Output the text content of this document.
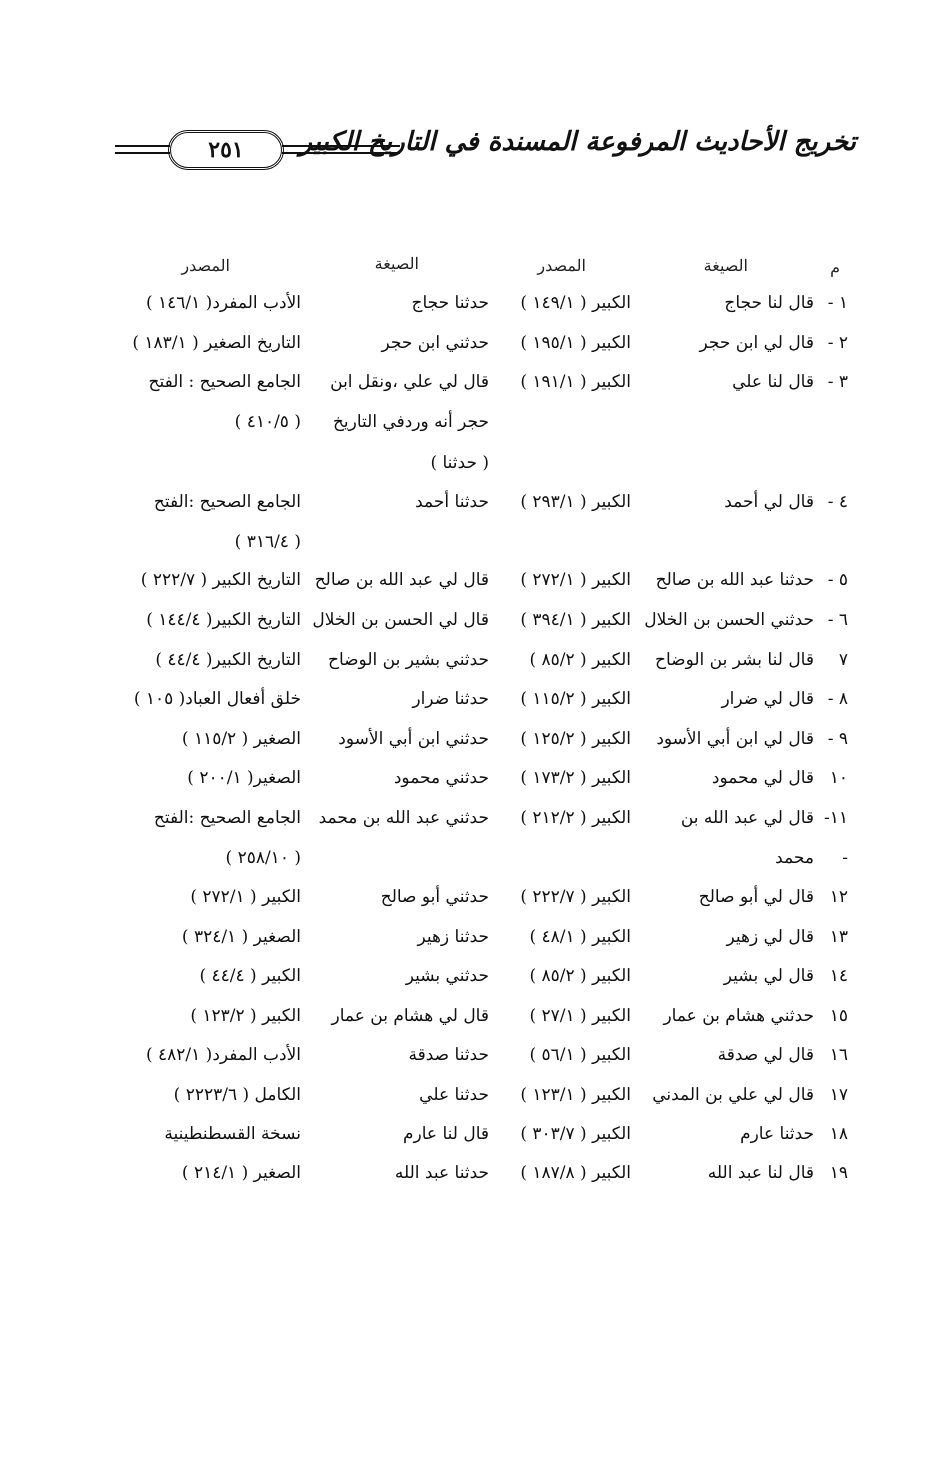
تخريج الأحاديث المرفوعة المسندة في التاريخ الكبير
٢٥١
م
الصيغة
المصدر
الصيغة
المصدر
١ -
قال لنا حجاج
الكبير ( ١٤٩/١ )
حدثنا حجاج
الأدب المفرد( ١٤٦/١ )
٢ -
قال لي ابن حجر
الكبير ( ١٩٥/١ )
حدثني ابن حجر
التاريخ الصغير ( ١٨٣/١ )
٣ -
قال لنا علي
الكبير ( ١٩١/١ )
قال لي علي ،ونقل ابن
حجر أنه وردفي التاريخ
( حدثنا )
الجامع الصحيح : الفتح
( ٤١٠/٥ )
٤ -
قال لي أحمد
الكبير ( ٢٩٣/١ )
حدثنا أحمد
الجامع الصحيح :الفتح
( ٣١٦/٤ )
٥ -
حدثنا عبد الله بن صالح
الكبير ( ٢٧٢/١ )
قال لي عبد الله بن صالح
التاريخ الكبير ( ٢٢٢/٧ )
٦ -
حدثني الحسن بن الخلال
الكبير ( ٣٩٤/١ )
قال لي الحسن بن الخلال
التاريخ الكبير( ١٤٤/٤ )
٧
قال لنا بشر بن الوضاح
الكبير ( ٨٥/٢ )
حدثني بشير بن الوضاح
التاريخ الكبير( ٤٤/٤ )
٨ -
قال لي ضرار
الكبير ( ١١٥/٢ )
حدثنا ضرار
خلق أفعال العباد( ١٠٥ )
٩ -
قال لي ابن أبي الأسود
الكبير ( ١٢٥/٢ )
حدثني ابن أبي الأسود
الصغير ( ١١٥/٢ )
١٠
قال لي محمود
الكبير ( ١٧٣/٢ )
حدثني محمود
الصغير( ٢٠٠/١ )
١١-
-
قال لي عبد الله بن
محمد
الكبير ( ٢١٢/٢ )
حدثني عبد الله بن محمد
الجامع الصحيح :الفتح
( ٢٥٨/١٠ )
١٢
قال لي أبو صالح
الكبير ( ٢٢٢/٧ )
حدثني أبو صالح
الكبير ( ٢٧٢/١ )
١٣
قال لي زهير
الكبير ( ٤٨/١ )
حدثنا زهير
الصغير ( ٣٢٤/١ )
١٤
قال لي بشير
الكبير ( ٨٥/٢ )
حدثني بشير
الكبير ( ٤٤/٤ )
١٥
حدثني هشام بن عمار
الكبير ( ٢٧/١ )
قال لي هشام بن عمار
الكبير ( ١٢٣/٢ )
١٦
قال لي صدقة
الكبير ( ٥٦/١ )
حدثنا صدقة
الأدب المفرد( ٤٨٢/١ )
١٧
قال لي علي بن المدني
الكبير ( ١٢٣/١ )
حدثنا علي
الكامل ( ٢٢٢٣/٦ )
١٨
حدثنا عارم
الكبير ( ٣٠٣/٧ )
قال لنا عارم
نسخة القسطنطينية
١٩
قال لنا عبد الله
الكبير ( ١٨٧/٨ )
حدثنا عبد الله
الصغير ( ٢١٤/١ )
